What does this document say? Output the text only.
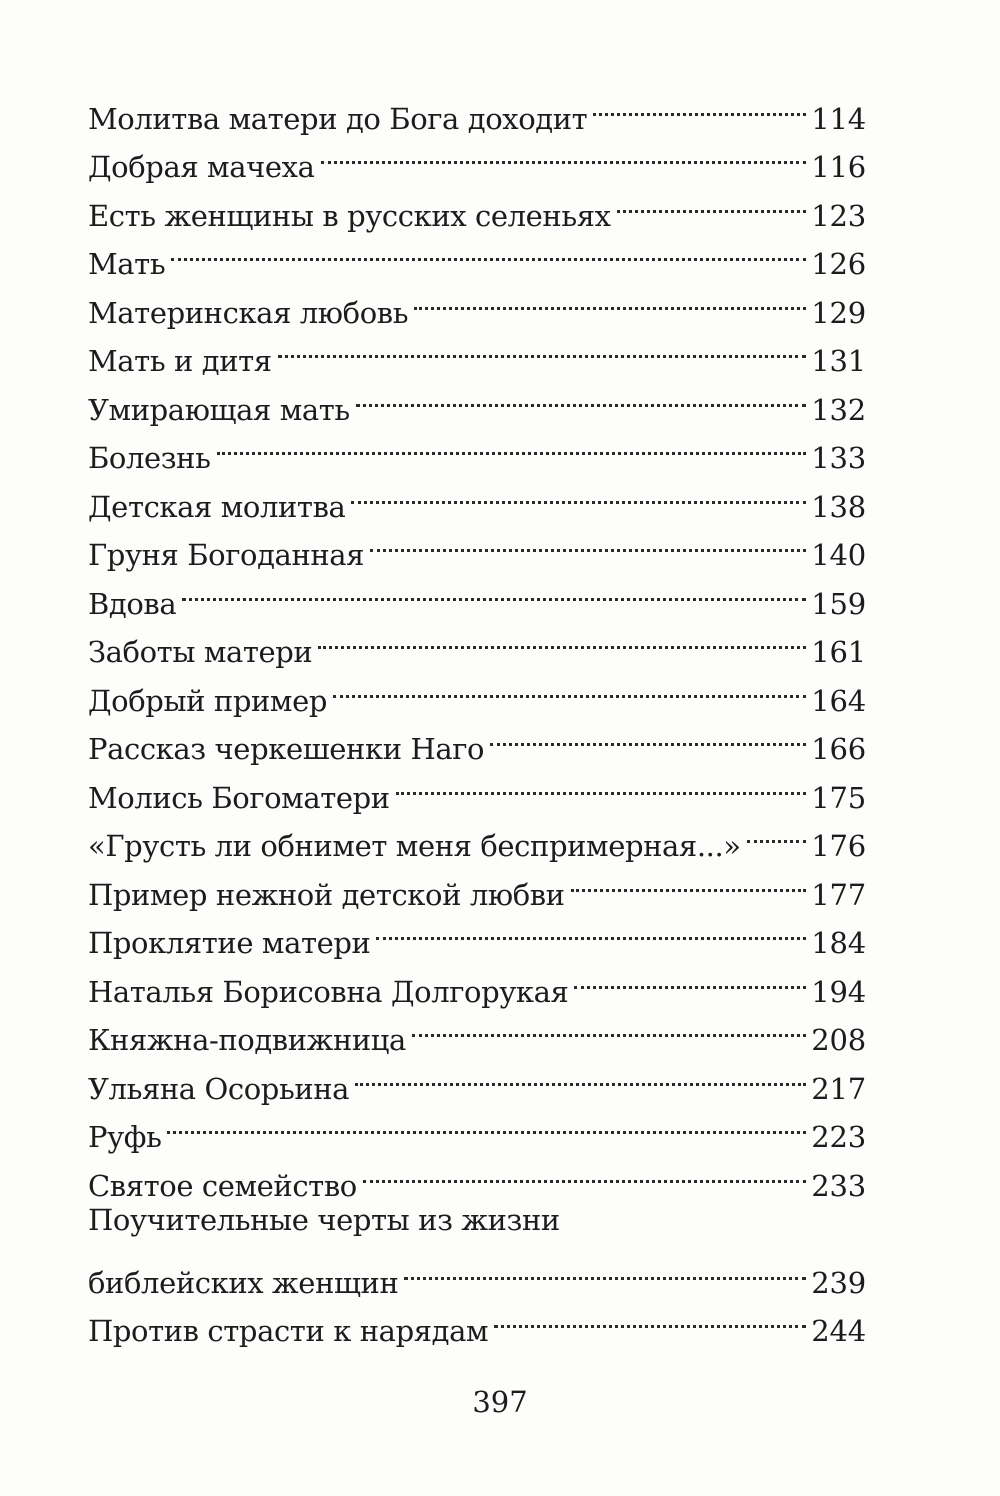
Молитва матери до Бога доходит	114
Добрая мачеха	116
Есть женщины в русских селеньях	123
Мать	126
Материнская любовь	129
Мать и дитя	131
Умирающая мать	132
Болезнь	133
Детская молитва	138
Груня Богоданная	140
Вдова	159
Заботы матери	161
Добрый пример	164
Рассказ черкешенки Наго	166
Молись Богоматери	175
«Грусть ли обнимет меня беспримерная...» 176
Пример нежной детской любви	177
Проклятие матери	184
Наталья Борисовна Долгорукая	194
Княжна-подвижница	208
Ульяна Осорьина	217
Руфь	223
Святое семейство	233
Поучительные черты из жизни
библейских женщин	239
Против страсти к нарядам	244
397
